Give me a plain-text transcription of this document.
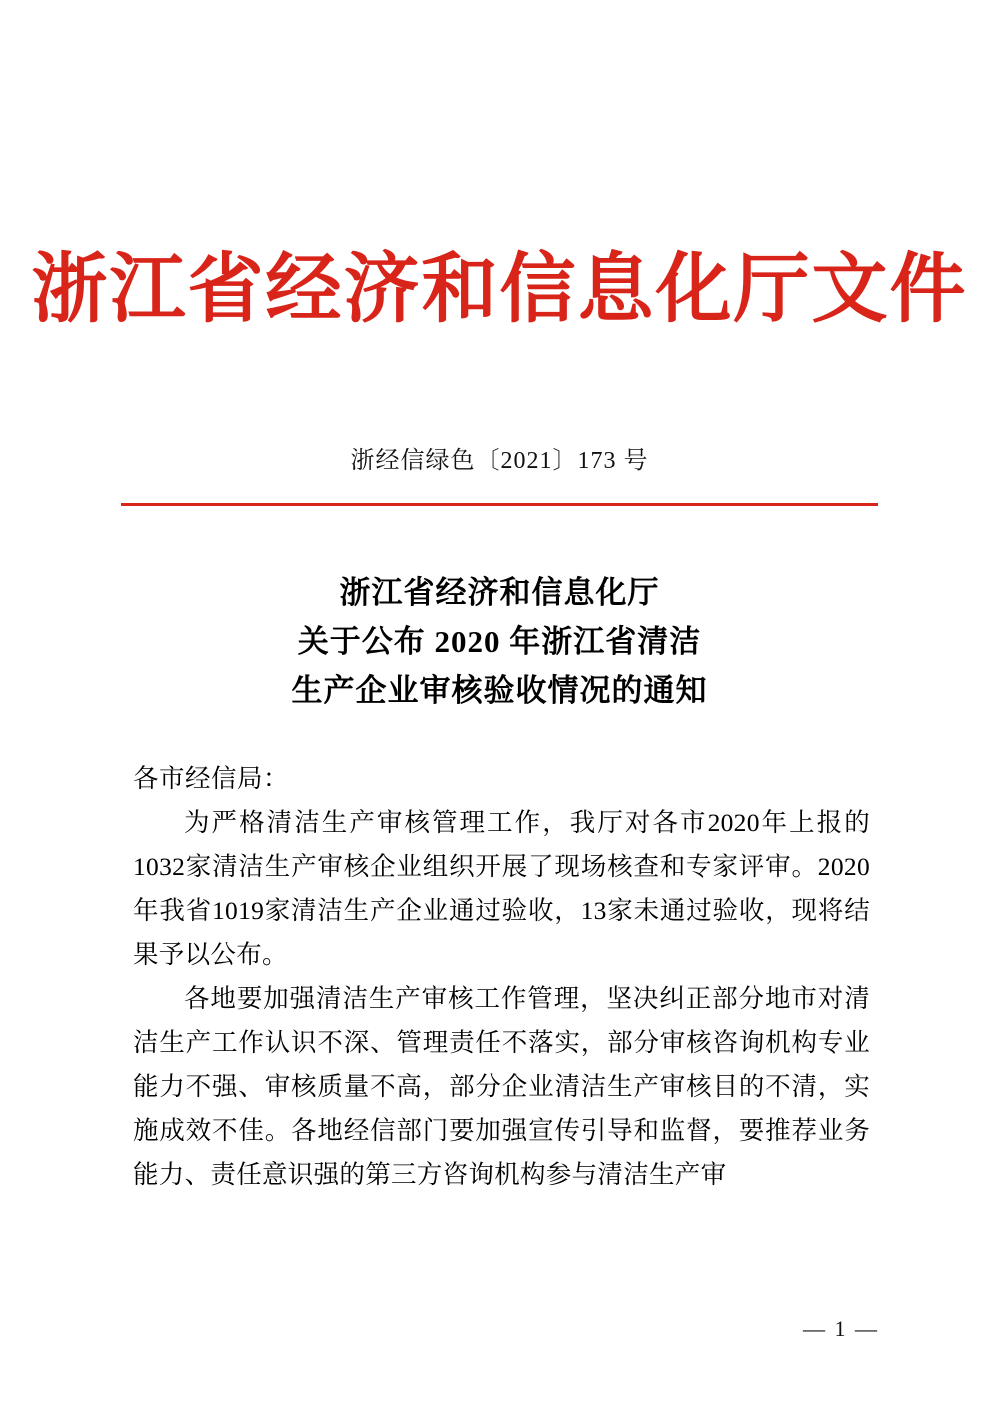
浙江省经济和信息化厅文件
浙经信绿色〔2021〕173 号
浙江省经济和信息化厅
关于公布 2020 年浙江省清洁
生产企业审核验收情况的通知
各市经信局：

为严格清洁生产审核管理工作，我厅对各市2020年上报的1032家清洁生产审核企业组织开展了现场核查和专家评审。2020年我省1019家清洁生产企业通过验收，13家未通过验收，现将结果予以公布。

各地要加强清洁生产审核工作管理，坚决纠正部分地市对清洁生产工作认识不深、管理责任不落实，部分审核咨询机构专业能力不强、审核质量不高，部分企业清洁生产审核目的不清，实施成效不佳。各地经信部门要加强宣传引导和监督，要推荐业务能力、责任意识强的第三方咨询机构参与清洁生产审

— 1 —
